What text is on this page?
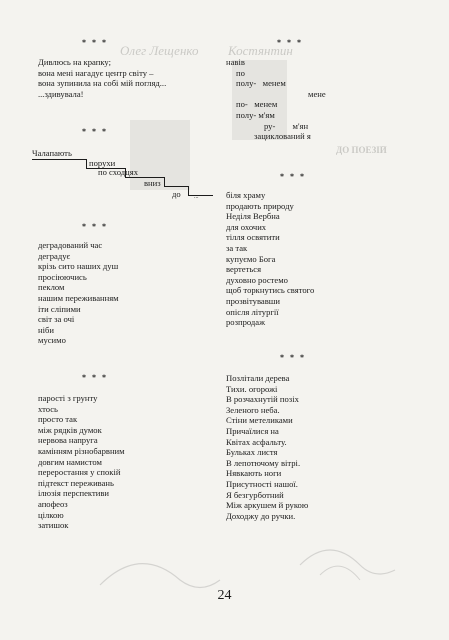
Олег Лещенко Костянтин
ДО ПОЕЗІЙ
* * *
Дивлюсь на крапку;
вона мені нагадує центр світу –
вона зупинила на собі мій погляд...
...здивувала!
* * *
Чалапають
порухи
по сходцях
вниз
до ...
* * *
деградований час
деградує
крізь сито наших душ
просіюючись
пеклом
нашим переживанням
іти сліпими
світ за очі
ніби
мусимо
* * *
паростi з грунту
хтось
просто так
між рядків думок
нервова напруга
камінням різнобарвним
довгим намистом
переростання у спокій
підтекст переживань
ілюзія перспективи
апофеоз
цiлкою
затишок
* * *
навів
по
полу-   менем
мене
по-   менем
полу- м'ям
ру-        м'ян
зациклований я
* * *
біля храму
продають природу
Неділя Вербна
для охочих
тілля освятити
за так
купуємо Бога
вертеться
духовно ростемо
щоб торкнутись святого
прозвітувавши
опісля літургії
розпродаж
* * *
Позлітали дерева
Тихи. огорожі
В розчахнутій позіх
Зеленого неба.
Стіни метеликами
Причаїлися на
Квітах асфальту.
Бульках листя
В лепотючому вітрі.
Нявкають ноги
Присутності нашої.
Я безгурботний
Між аркушем й рукою
Доходжу до ручки.
24
